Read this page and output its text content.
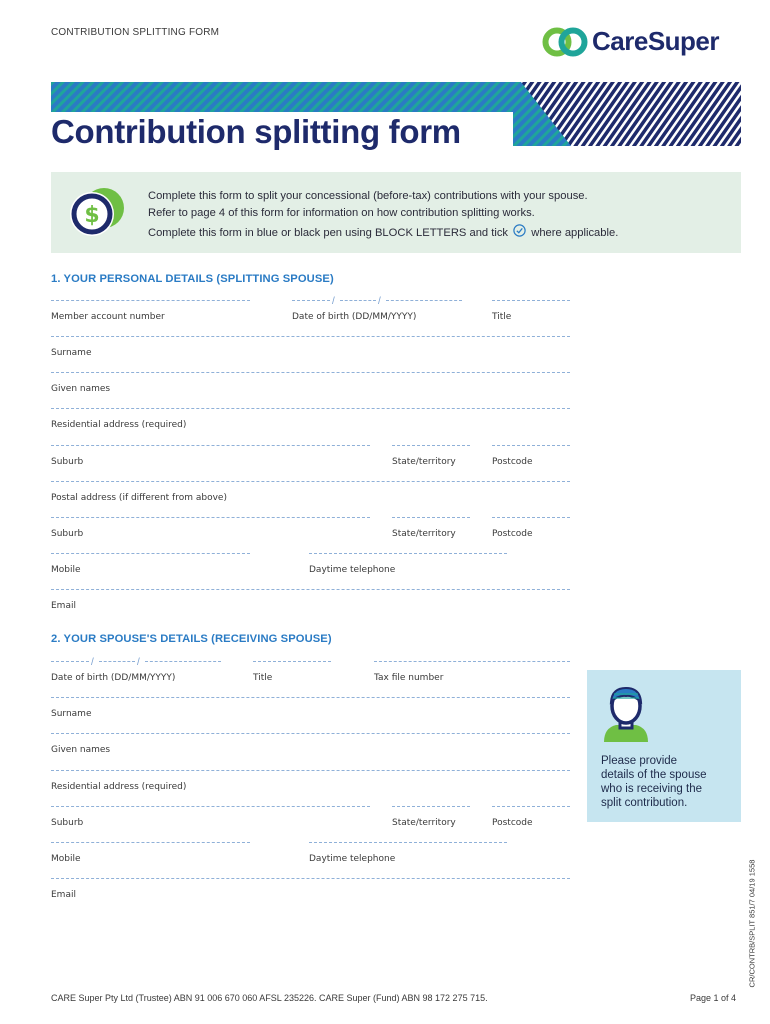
CONTRIBUTION SPLITTING FORM	CareSuper
Contribution splitting form
$
Complete this form to split your concessional (before-tax) contributions with your spouse.
Refer to page 4 of this form for information on how contribution splitting works.
Complete this form in blue or black pen using BLOCK LETTERS and tick where applicable.
1. YOUR PERSONAL DETAILS (SPLITTING SPOUSE)
/	/
Member account number	Date of birth (DD/MM/YYYY)	Title
Surname
Given names
Residential address (required)
Suburb	State/territory	Postcode
Postal address (if different from above)
Suburb	State/territory	Postcode
Mobile	Daytime telephone
Email
2. YOUR SPOUSE'S DETAILS (RECEIVING SPOUSE)
/	/
Date of birth (DD/MM/YYYY)	Title	Tax file number
Surname
Given names
Residential address (required)
Suburb	State/territory	Postcode
Mobile	Daytime telephone
Email
Please provide
details of the spouse
who is receiving the
split contribution.
CR/CONTRB/SPLIT 851/7 04/19 1558
CARE Super Pty Ltd (Trustee) ABN 91 006 670 060 AFSL 235226. CARE Super (Fund) ABN 98 172 275 715.	Page 1 of 4
